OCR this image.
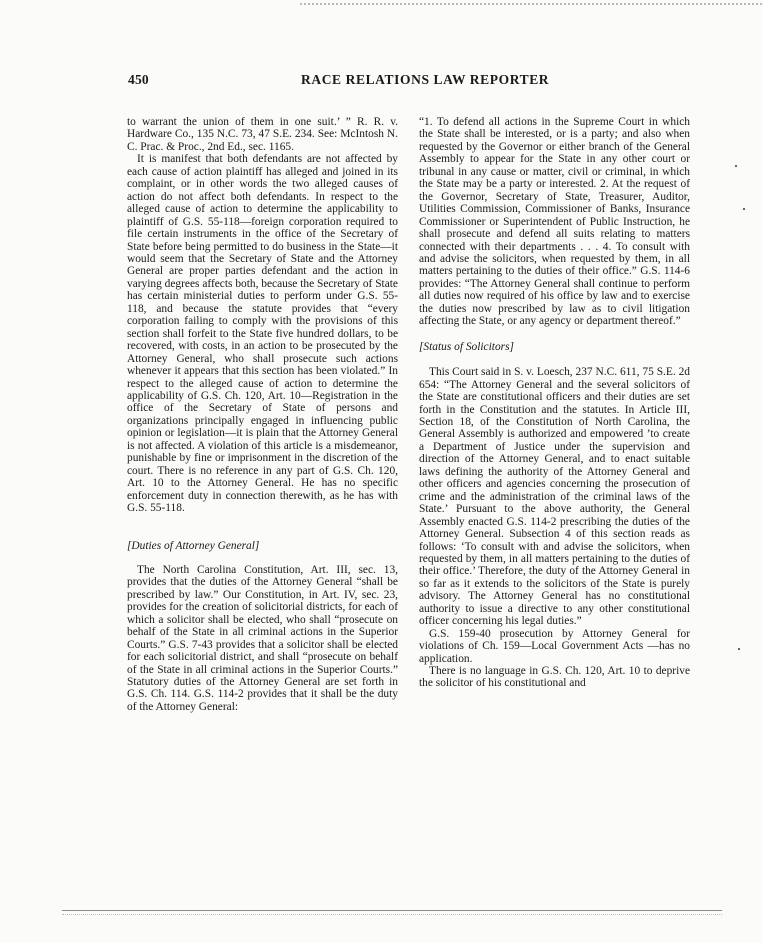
450	RACE RELATIONS LAW REPORTER

to warrant the union of them in one suit.’ ” R. R. v. Hardware Co., 135 N.C. 73, 47 S.E. 234. See: McIntosh N. C. Prac. & Proc., 2nd Ed., sec. 1165.

It is manifest that both defendants are not affected by each cause of action plaintiff has alleged and joined in its complaint, or in other words the two alleged causes of action do not affect both defendants. In respect to the alleged cause of action to determine the applicability to plaintiff of G.S. 55-118—foreign corporation required to file certain instruments in the office of the Secretary of State before being permitted to do business in the State—it would seem that the Secretary of State and the Attorney General are proper parties defendant and the action in varying degrees affects both, because the Secretary of State has certain ministerial duties to perform under G.S. 55-118, and because the statute provides that “every corporation failing to comply with the provisions of this section shall forfeit to the State five hundred dollars, to be recovered, with costs, in an action to be prosecuted by the Attorney General, who shall prosecute such actions whenever it appears that this section has been violated.” In respect to the alleged cause of action to determine the applicability of G.S. Ch. 120, Art. 10—Registration in the office of the Secretary of State of persons and organizations principally engaged in influencing public opinion or legislation—it is plain that the Attorney General is not affected. A violation of this article is a misdemeanor, punishable by fine or imprisonment in the discretion of the court. There is no reference in any part of G.S. Ch. 120, Art. 10 to the Attorney General. He has no specific enforcement duty in connection therewith, as he has with G.S. 55-118.

[Duties of Attorney General]

The North Carolina Constitution, Art. III, sec. 13, provides that the duties of the Attorney General “shall be prescribed by law.” Our Constitution, in Art. IV, sec. 23, provides for the creation of solicitorial districts, for each of which a solicitor shall be elected, who shall “prosecute on behalf of the State in all criminal actions in the Superior Courts.” G.S. 7-43 provides that a solicitor shall be elected for each solicitorial district, and shall “prosecute on behalf of the State in all criminal actions in the Superior Courts.” Statutory duties of the Attorney General are set forth in G.S. Ch. 114. G.S. 114-2 provides that it shall be the duty of the Attorney General:

“1. To defend all actions in the Supreme Court in which the State shall be interested, or is a party; and also when requested by the Governor or either branch of the General Assembly to appear for the State in any other court or tribunal in any cause or matter, civil or criminal, in which the State may be a party or interested. 2. At the request of the Governor, Secretary of State, Treasurer, Auditor, Utilities Commission, Commissioner of Banks, Insurance Commissioner or Superintendent of Public Instruction, he shall prosecute and defend all suits relating to matters connected with their departments . . . 4. To consult with and advise the solicitors, when requested by them, in all matters pertaining to the duties of their office.” G.S. 114-6 provides: “The Attorney General shall continue to perform all duties now required of his office by law and to exercise the duties now prescribed by law as to civil litigation affecting the State, or any agency or department thereof.”

[Status of Solicitors]

This Court said in S. v. Loesch, 237 N.C. 611, 75 S.E. 2d 654: “The Attorney General and the several solicitors of the State are constitutional officers and their duties are set forth in the Constitution and the statutes. In Article III, Section 18, of the Constitution of North Carolina, the General Assembly is authorized and empowered ’to create a Department of Justice under the supervision and direction of the Attorney General, and to enact suitable laws defining the authority of the Attorney General and other officers and agencies concerning the prosecution of crime and the administration of the criminal laws of the State.’ Pursuant to the above authority, the General Assembly enacted G.S. 114-2 prescribing the duties of the Attorney General. Subsection 4 of this section reads as follows: ‘To consult with and advise the solicitors, when requested by them, in all matters pertaining to the duties of their office.’ Therefore, the duty of the Attorney General in so far as it extends to the solicitors of the State is purely advisory. The Attorney General has no constitutional authority to issue a directive to any other constitutional officer concerning his legal duties.”

G.S. 159-40 prosecution by Attorney General for violations of Ch. 159—Local Government Acts —has no application.

There is no language in G.S. Ch. 120, Art. 10 to deprive the solicitor of his constitutional and
